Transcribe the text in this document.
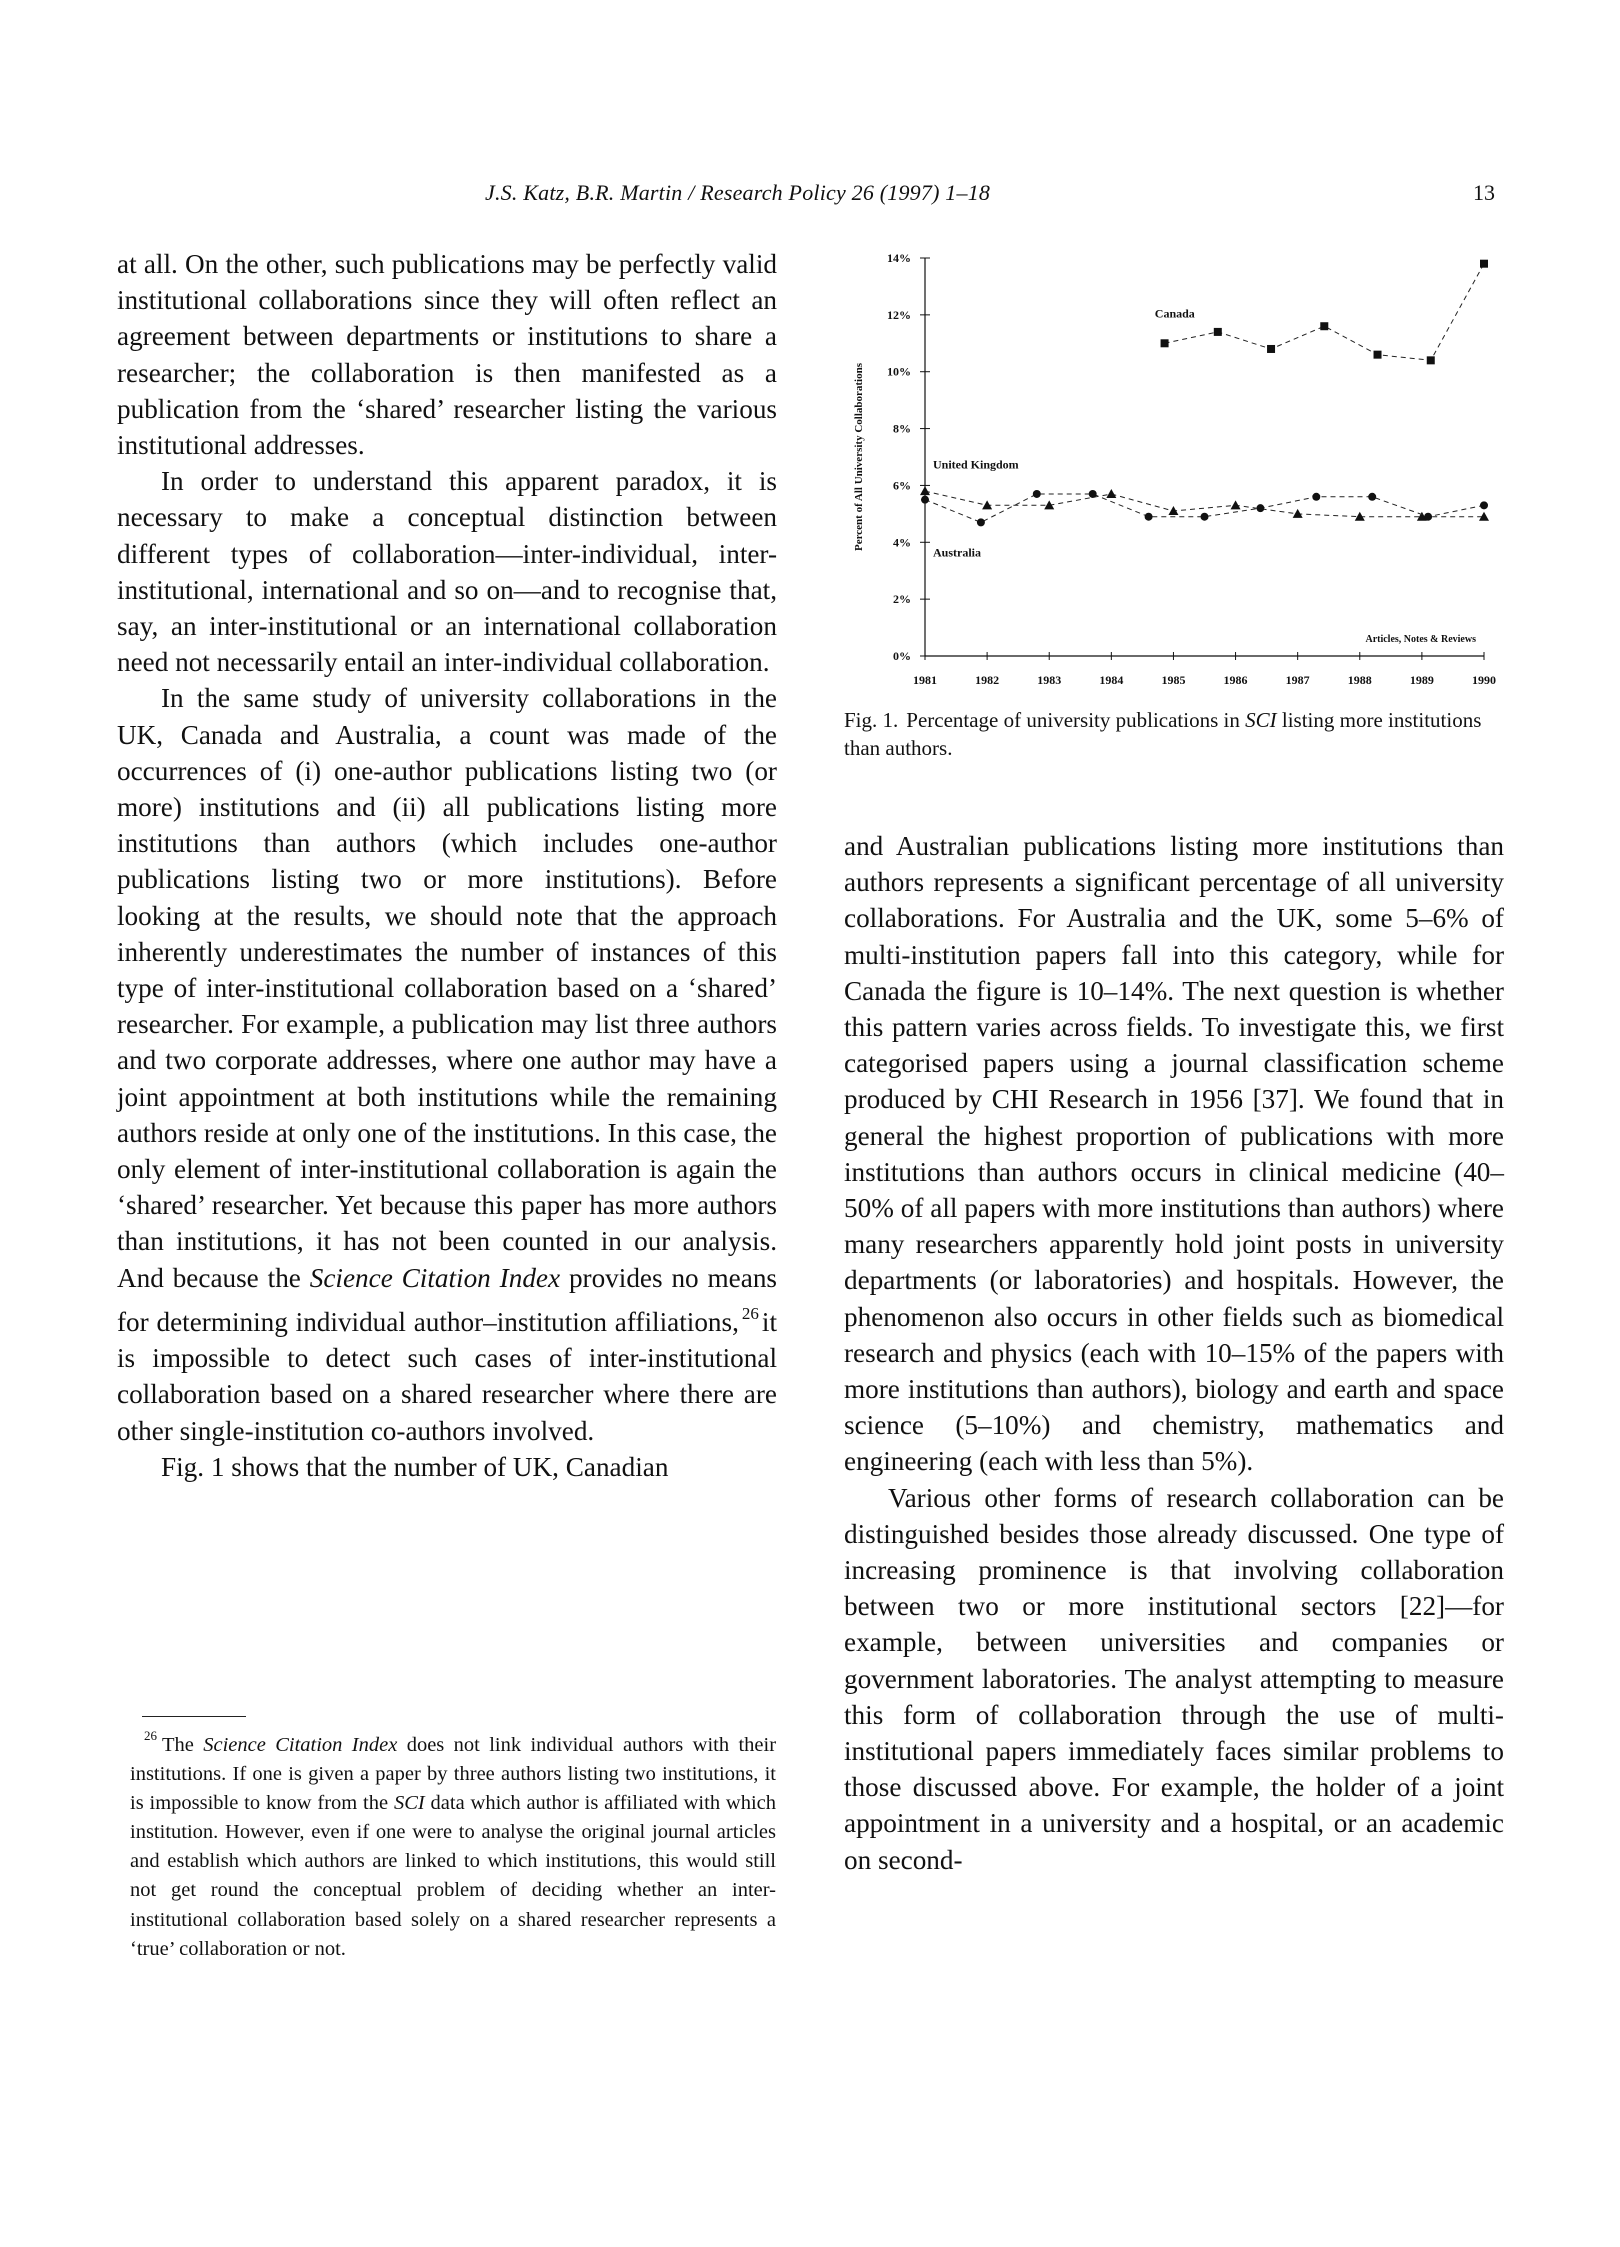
J.S. Katz, B.R. Martin / Research Policy 26 (1997) 1–18	13

at all. On the other, such publications may be perfectly valid institutional collaborations since they will often reflect an agreement between departments or institutions to share a researcher; the collaboration is then manifested as a publication from the ‘shared’ researcher listing the various institutional addresses.

In order to understand this apparent paradox, it is necessary to make a conceptual distinction between different types of collaboration—inter-individual, inter-institutional, international and so on—and to recognise that, say, an inter-institutional or an international collaboration need not necessarily entail an inter-individual collaboration.

In the same study of university collaborations in the UK, Canada and Australia, a count was made of the occurrences of (i) one-author publications listing two (or more) institutions and (ii) all publications listing more institutions than authors (which includes one-author publications listing two or more institutions). Before looking at the results, we should note that the approach inherently underestimates the number of instances of this type of inter-institutional collaboration based on a ‘shared’ researcher. For example, a publication may list three authors and two corporate addresses, where one author may have a joint appointment at both institutions while the remaining authors reside at only one of the institutions. In this case, the only element of inter-institutional collaboration is again the ‘shared’ researcher. Yet because this paper has more authors than institutions, it has not been counted in our analysis. And because the Science Citation Index provides no means for determining individual author–institution affiliations, $^{26}$ it is impossible to detect such cases of inter-institutional collaboration based on a shared researcher where there are other single-institution co-authors involved.

Fig. 1 shows that the number of UK, Canadian

$^{26}$ The Science Citation Index does not link individual authors with their institutions. If one is given a paper by three authors listing two institutions, it is impossible to know from the SCI data which author is affiliated with which institution. However, even if one were to analyse the original journal articles and establish which authors are linked to which institutions, this would still not get round the conceptual problem of deciding whether an inter-institutional collaboration based solely on a shared researcher represents a ‘true’ collaboration or not.
0%
2%
4%
6%
8%
10%
12%
14%
1981	1982	1983	1984	1985	1986	1987	1988	1989	1990
Percent of All University Collaborations
Articles, Notes & Reviews
Canada
United Kingdom
Australia
Fig. 1. Percentage of university publications in SCI listing more institutions than authors.

and Australian publications listing more institutions than authors represents a significant percentage of all university collaborations. For Australia and the UK, some 5–6% of multi-institution papers fall into this category, while for Canada the figure is 10–14%. The next question is whether this pattern varies across fields. To investigate this, we first categorised papers using a journal classification scheme produced by CHI Research in 1956 [37]. We found that in general the highest proportion of publications with more institutions than authors occurs in clinical medicine (40–50% of all papers with more institutions than authors) where many researchers apparently hold joint posts in university departments (or laboratories) and hospitals. However, the phenomenon also occurs in other fields such as biomedical research and physics (each with 10–15% of the papers with more institutions than authors), biology and earth and space science (5–10%) and chemistry, mathematics and engineering (each with less than 5%).

Various other forms of research collaboration can be distinguished besides those already discussed. One type of increasing prominence is that involving collaboration between two or more institutional sectors [22]—for example, between universities and companies or government laboratories. The analyst attempting to measure this form of collaboration through the use of multi-institutional papers immediately faces similar problems to those discussed above. For example, the holder of a joint appointment in a university and a hospital, or an academic on second-
